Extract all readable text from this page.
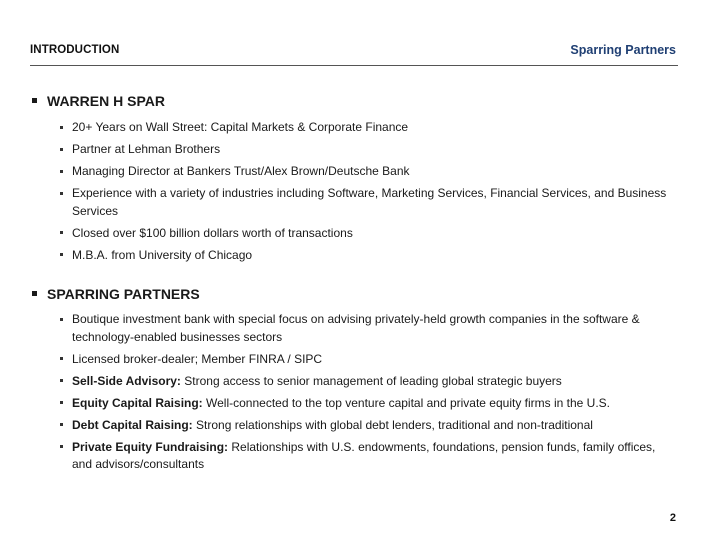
INTRODUCTION	Sparring Partners
WARREN H SPAR
20+ Years on Wall Street: Capital Markets & Corporate Finance
Partner at Lehman Brothers
Managing Director at Bankers Trust/Alex Brown/Deutsche Bank
Experience with a variety of industries including Software, Marketing Services, Financial Services, and Business Services
Closed over $100 billion dollars worth of transactions
M.B.A. from University of Chicago
SPARRING PARTNERS
Boutique investment bank with special focus on advising privately-held growth companies in the software & technology-enabled businesses sectors
Licensed broker-dealer; Member FINRA / SIPC
Sell-Side Advisory: Strong access to senior management of leading global strategic buyers
Equity Capital Raising: Well-connected to the top venture capital and private equity firms in the U.S.
Debt Capital Raising: Strong relationships with global debt lenders, traditional and non-traditional
Private Equity Fundraising: Relationships with U.S. endowments, foundations, pension funds, family offices, and advisors/consultants
2
